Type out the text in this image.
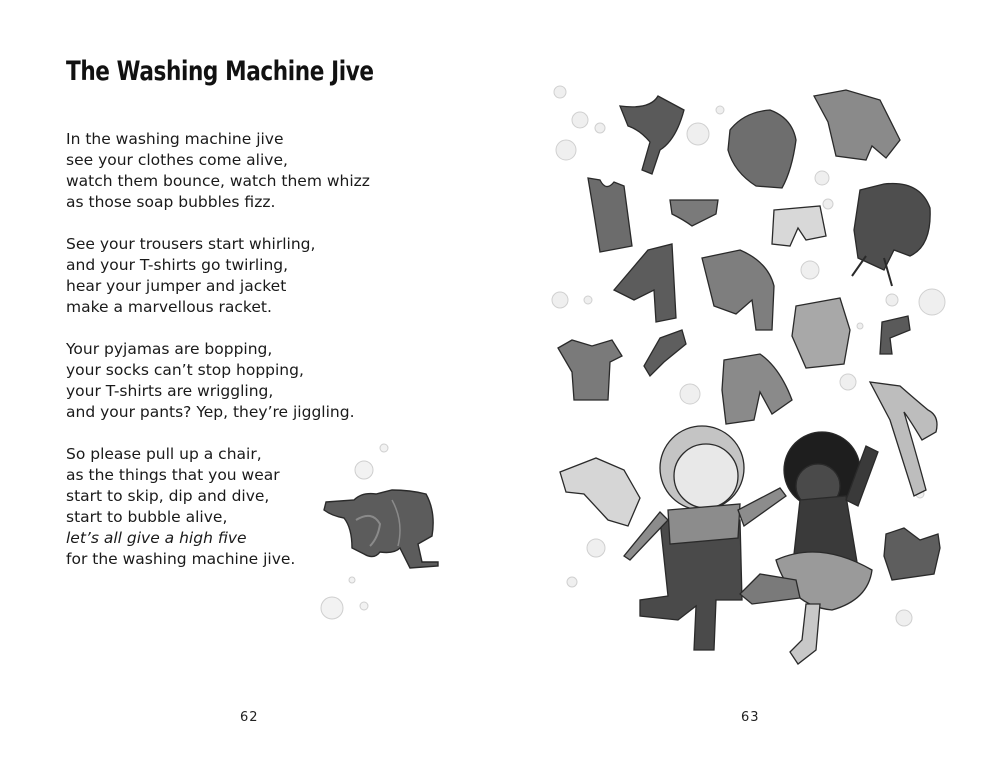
The Washing Machine Jive

In the washing machine jive
see your clothes come alive,
watch them bounce, watch them whizz
as those soap bubbles fizz.

See your trousers start whirling,
and your T-shirts go twirling,
hear your jumper and jacket
make a marvellous racket.

Your pyjamas are bopping,
your socks can’t stop hopping,
your T-shirts are wriggling,
and your pants? Yep, they’re jiggling.

So please pull up a chair,
as the things that you wear
start to skip, dip and dive,
start to bubble alive,
let’s all give a high five
for the washing machine jive.

62	63
